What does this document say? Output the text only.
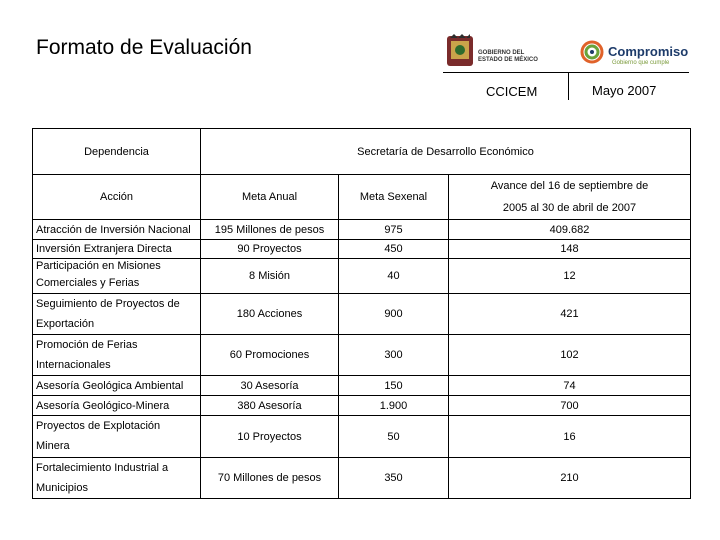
Formato de Evaluación	GOBIERNO DEL
ESTADO DE MÉXICO
Compromiso
Gobierno que cumple
CCICEM	Mayo 2007
Dependencia	Secretaría de Desarrollo Económico		
Acción	Meta Anual	Meta Sexenal	Avance del 16 de septiembre de
2005 al 30 de abril de 2007
Atracción de Inversión Nacional	195 Millones de pesos	975	409.682
Inversión Extranjera Directa	90 Proyectos	450	148

Participación en Misiones
Comerciales y Ferias	8 Misión	40	12

Seguimiento de Proyectos de
Exportación	180 Acciones	900	421

Promoción de Ferias
Internacionales	60 Promociones	300	102
Asesoría Geológica Ambiental	30 Asesoría	150	74
Asesoría Geológico-Minera	380 Asesoría	1.900	700

Proyectos de Explotación
Minera	10 Proyectos	50	16

Fortalecimiento Industrial a
Municipios	70 Millones de pesos	350	210
